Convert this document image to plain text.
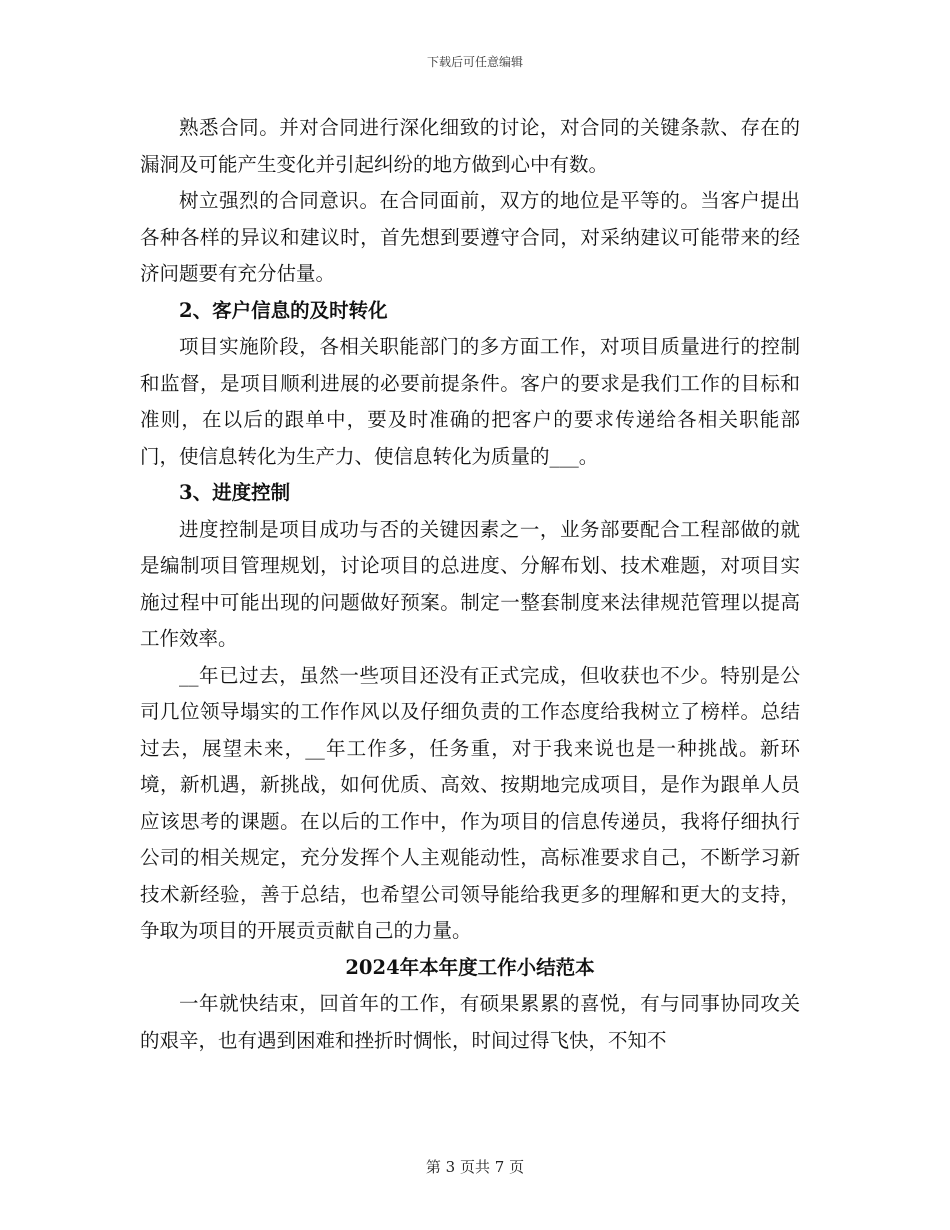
下载后可任意编辑

熟悉合同。并对合同进行深化细致的讨论，对合同的关键条款、存在的漏洞及可能产生变化并引起纠纷的地方做到心中有数。

树立强烈的合同意识。在合同面前，双方的地位是平等的。当客户提出各种各样的异议和建议时，首先想到要遵守合同，对采纳建议可能带来的经济问题要有充分估量。

2、客户信息的及时转化

项目实施阶段，各相关职能部门的多方面工作，对项目质量进行的控制和监督，是项目顺利进展的必要前提条件。客户的要求是我们工作的目标和准则，在以后的跟单中，要及时准确的把客户的要求传递给各相关职能部门，使信息转化为生产力、使信息转化为质量的___。

3、进度控制

进度控制是项目成功与否的关键因素之一，业务部要配合工程部做的就是编制项目管理规划，讨论项目的总进度、分解布划、技术难题，对项目实施过程中可能出现的问题做好预案。制定一整套制度来法律规范管理以提高工作效率。

__年已过去，虽然一些项目还没有正式完成，但收获也不少。特别是公司几位领导塌实的工作作风以及仔细负责的工作态度给我树立了榜样。总结过去，展望未来，__年工作多，任务重，对于我来说也是一种挑战。新环境，新机遇，新挑战，如何优质、高效、按期地完成项目，是作为跟单人员应该思考的课题。在以后的工作中，作为项目的信息传递员，我将仔细执行公司的相关规定，充分发挥个人主观能动性，高标准要求自己，不断学习新技术新经验，善于总结，也希望公司领导能给我更多的理解和更大的支持，争取为项目的开展贡贡献自己的力量。

2024年本年度工作小结范本

一年就快结束，回首年的工作，有硕果累累的喜悦，有与同事协同攻关的艰辛，也有遇到困难和挫折时惆怅，时间过得飞快，不知不

第 3 页共 7 页
